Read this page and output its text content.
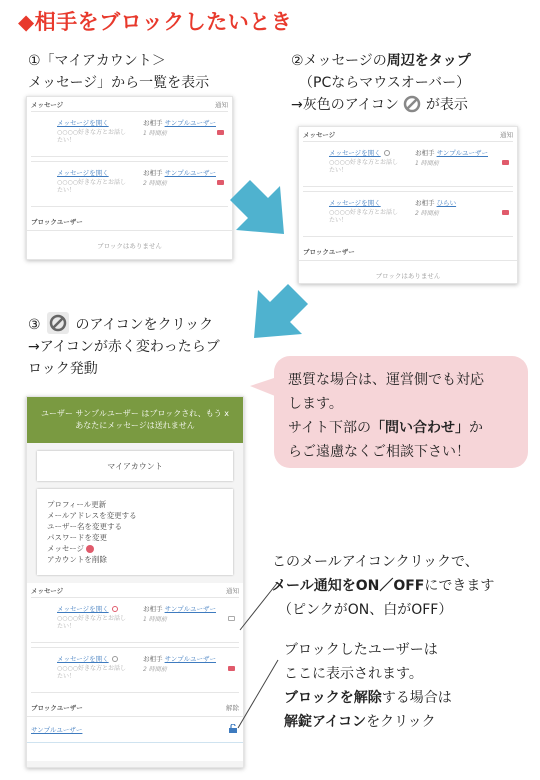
◆相手をブロックしたいとき
①「マイアカウント＞
メッセージ」から一覧を表示
メッセージ	通知
メッセージを開く
○○○○好きな方とお話し
たい！
お相手 サンプルユーザー
1 時間前
メッセージを開く
○○○○好きな方とお話し
たい！
お相手 サンプルユーザー
2 時間前
ブロックユーザー
ブロックはありません
②メッセージの周辺をタップ
（PCならマウスオーバー）
→灰色のアイコン が表示
メッセージ	通知
メッセージを開く
○○○○好きな方とお話し
たい！
お相手 サンプルユーザー
1 時間前
メッセージを開く
○○○○好きな方とお話し
たい！
お相手 ひらい
2 時間前
ブロックユーザー
ブロックはありません
③ のアイコンをクリック
→アイコンが赤く変わったらブ
ロック発動
悪質な場合は、運営側でも対応
します。
サイト下部の「問い合わせ」か
らご遠慮なくご相談下さい！
ユーザー サンプルユーザー はブロックされ、もう x
あなたにメッセージは送れません
マイアカウント
プロフィール更新
メールアドレスを変更する
ユーザー名を変更する
パスワードを変更
メッセージ
アカウントを削除
メッセージ	通知
メッセージを開く
○○○○好きな方とお話し
たい！
お相手 サンプルユーザー
1 時間前
メッセージを開く
○○○○好きな方とお話し
たい！
お相手 サンプルユーザー
2 時間前
ブロックユーザー	解除
サンプルユーザー
このメールアイコンクリックで、
メール通知をON／OFFにできます
（ピンクがON、白がOFF）
ブロックしたユーザーは
ここに表示されます。
ブロックを解除する場合は
解錠アイコンをクリック
